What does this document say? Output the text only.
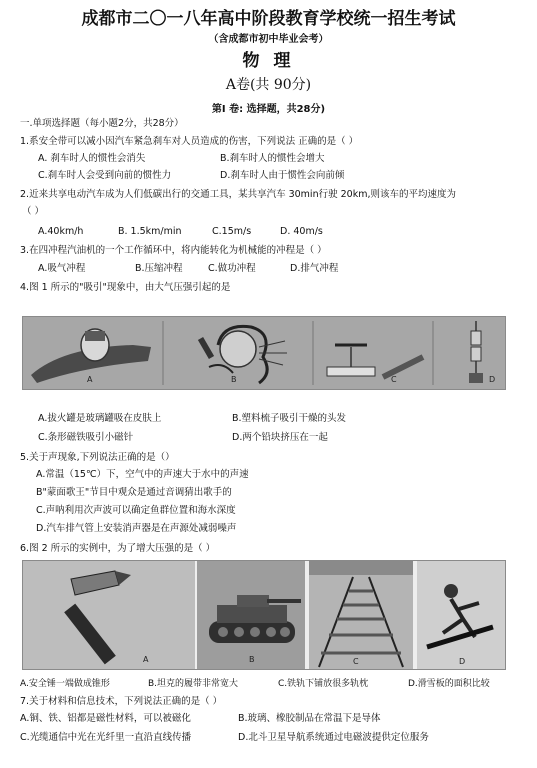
成都市二〇一八年高中阶段教育学校统一招生考试
（含成都市初中毕业会考）
物 理
A卷(共 90分)
第Ⅰ 卷: 选择题，共28分)
一.单项选择题（每小题2分，共28分）
1.系安全带可以减小因汽车紧急刹车对人员造成的伤害，下列说法 正确的是（ ）
A. 刹车时人的惯性会消失	B.刹车时人的惯性会增大
C.刹车时人会受到向前的惯性力	D.刹车时人由于惯性会向前倾
2.近来共享电动汽车成为人们低碳出行的交通工具，某共享汽车 30min行驶 20km,则该车的平均速度为
（ ）
A.40km/h	B. 1.5km/min	C.15m/s	D. 40m/s
3.在四冲程汽油机的一个工作循环中，将内能转化为机械能的冲程是（ ）
A.吸气冲程	B.压缩冲程	C.做功冲程	D.排气冲程
4.图 1 所示的"吸引"现象中，由大气压强引起的是
A	B	C	D
A.拔火罐是玻璃罐吸在皮肤上	B.塑料梳子吸引干燥的头发
C.条形磁铁吸引小磁针	D.两个铅块挤压在一起
5.关于声现象,下列说法正确的是（）
A.常温（15℃）下，空气中的声速大于水中的声速
B"蒙面歌王"节目中观众是通过音调猜出歌手的
C.声呐利用次声波可以确定鱼群位置和海水深度
D.汽车排气管上安装消声器是在声源处减弱噪声
6.图 2 所示的实例中，为了增大压强的是（ ）
A	B	C	D
A.安全锤一端做成锥形	B.坦克的履带非常宽大	C.铁轨下铺放很多轨枕	D.滑雪板的面积比较
7.关于材料和信息技术，下列说法正确的是（ ）
A.铜、铁、铝都是磁性材料，可以被磁化	B.玻璃、橡胶制品在常温下是导体
C.光缆通信中光在光纤里一直沿直线传播	D.北斗卫星导航系统通过电磁波提供定位服务
